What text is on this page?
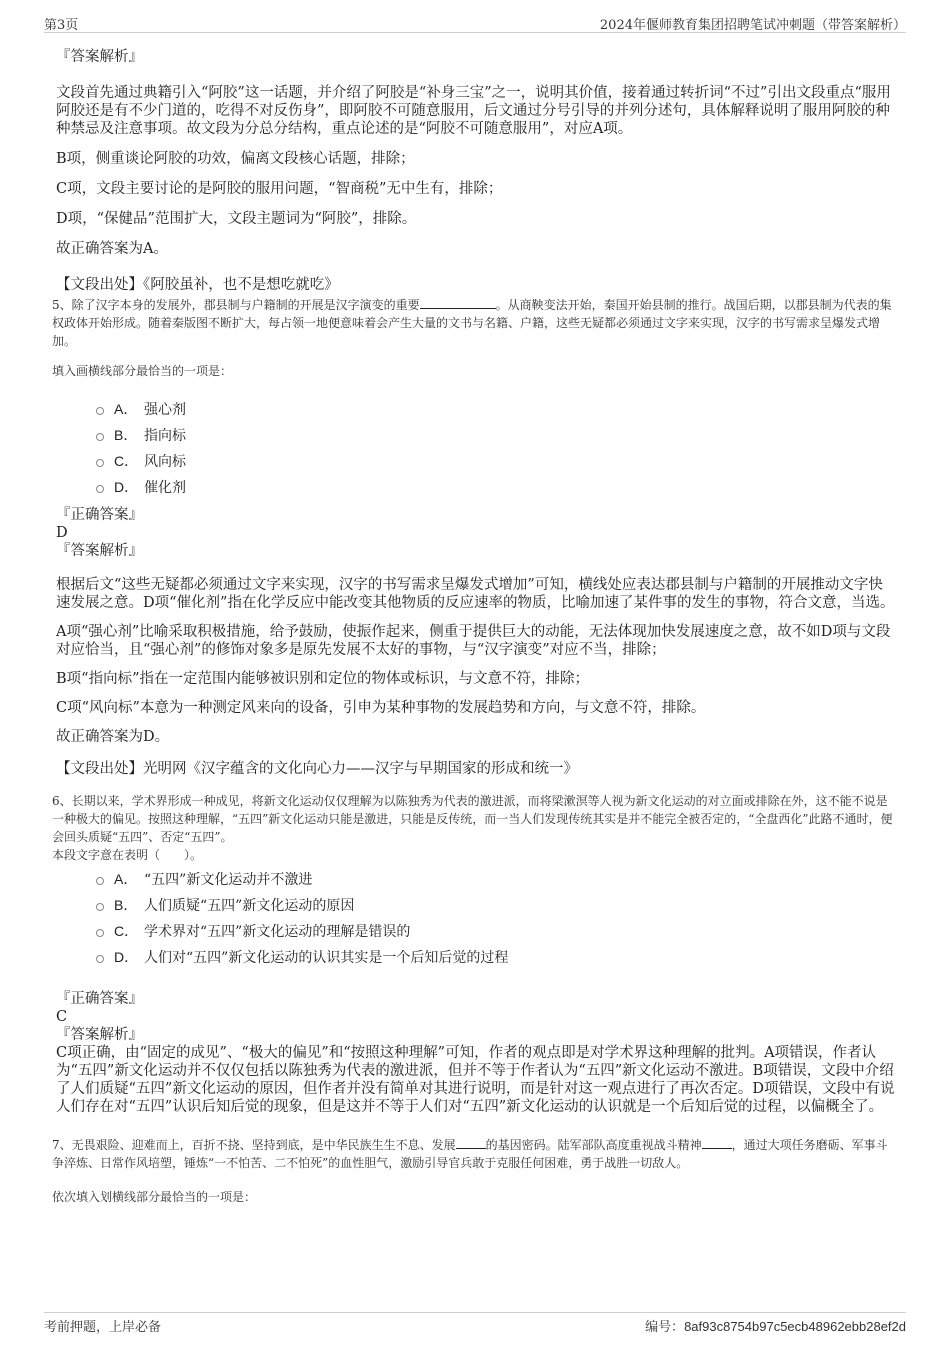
第3页	2024年偃师教育集团招聘笔试冲刺题（带答案解析）
『答案解析』

文段首先通过典籍引入“阿胶”这一话题，并介绍了阿胶是“补身三宝”之一，说明其价值，接着通过转折词“不过”引出文段重点“服用阿胶还是有不少门道的，吃得不对反伤身”，即阿胶不可随意服用，后文通过分号引导的并列分述句，具体解释说明了服用阿胶的种种禁忌及注意事项。故文段为分总分结构，重点论述的是“阿胶不可随意服用”，对应A项。

B项，侧重谈论阿胶的功效，偏离文段核心话题，排除；

C项，文段主要讨论的是阿胶的服用问题，“智商税”无中生有，排除；

D项，“保健品”范围扩大，文段主题词为“阿胶”，排除。

故正确答案为A。

【文段出处】《阿胶虽补，也不是想吃就吃》

5、除了汉字本身的发展外，郡县制与户籍制的开展是汉字演变的重要	。从商鞅变法开始，秦国开始县制的推行。战国后期，以郡县制为代表的集权政体开始形成。随着秦版图不断扩大，每占领一地便意味着会产生大量的文书与名籍、户籍，这些无疑都必须通过文字来实现，汉字的书写需求呈爆发式增加。

填入画横线部分最恰当的一项是：

A． 强心剂
B． 指向标
C． 风向标
D． 催化剂
『正确答案』
D
『答案解析』

根据后文“这些无疑都必须通过文字来实现，汉字的书写需求呈爆发式增加”可知，横线处应表达郡县制与户籍制的开展推动文字快速发展之意。D项“催化剂”指在化学反应中能改变其他物质的反应速率的物质，比喻加速了某件事的发生的事物，符合文意，当选。

A项“强心剂”比喻采取积极措施，给予鼓励，使振作起来，侧重于提供巨大的动能，无法体现加快发展速度之意，故不如D项与文段对应恰当，且“强心剂”的修饰对象多是原先发展不太好的事物，与“汉字演变”对应不当，排除；

B项“指向标”指在一定范围内能够被识别和定位的物体或标识，与文意不符，排除；

C项“风向标”本意为一种测定风来向的设备，引申为某种事物的发展趋势和方向，与文意不符，排除。

故正确答案为D。

【文段出处】光明网《汉字蕴含的文化向心力——汉字与早期国家的形成和统一》

6、长期以来，学术界形成一种成见，将新文化运动仅仅理解为以陈独秀为代表的激进派，而将梁漱溟等人视为新文化运动的对立面或排除在外，这不能不说是一种极大的偏见。按照这种理解，“五四”新文化运动只能是激进，只能是反传统，而一当人们发现传统其实是并不能完全被否定的，“全盘西化”此路不通时，便会回头质疑“五四”、否定“五四”。

本段文字意在表明（　　）。

A． “五四”新文化运动并不激进
B． 人们质疑“五四”新文化运动的原因
C． 学术界对“五四”新文化运动的理解是错误的
D． 人们对“五四”新文化运动的认识其实是一个后知后觉的过程
『正确答案』
C
『答案解析』

C项正确，由“固定的成见”、“极大的偏见”和“按照这种理解”可知，作者的观点即是对学术界这种理解的批判。A项错误，作者认为“五四”新文化运动并不仅仅包括以陈独秀为代表的激进派，但并不等于作者认为“五四”新文化运动不激进。B项错误，文段中介绍了人们质疑“五四”新文化运动的原因，但作者并没有简单对其进行说明，而是针对这一观点进行了再次否定。D项错误，文段中有说人们存在对“五四”认识后知后觉的现象，但是这并不等于人们对“五四”新文化运动的认识就是一个后知后觉的过程，以偏概全了。

7、无畏艰险、迎难而上，百折不挠、坚持到底，是中华民族生生不息、发展	的基因密码。陆军部队高度重视战斗精神	，通过大项任务磨砺、军事斗争淬炼、日常作风培塑，锤炼“一不怕苦、二不怕死”的血性胆气，激励引导官兵敢于克服任何困难，勇于战胜一切敌人。

依次填入划横线部分最恰当的一项是：

考前押题，上岸必备	编号：8af93c8754b97c5ecb48962ebb28ef2d
